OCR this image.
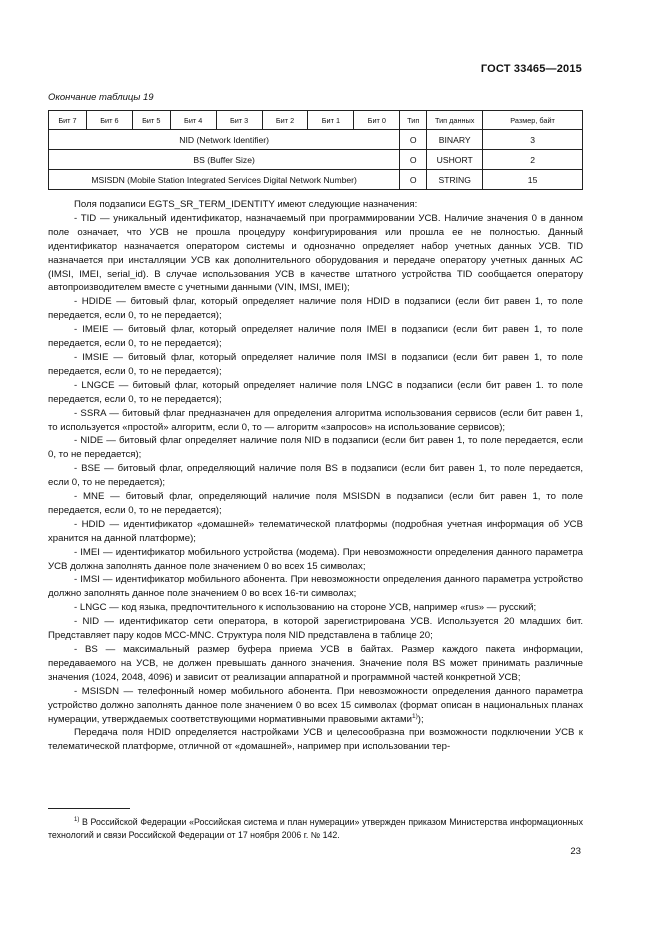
ГОСТ 33465—2015
Окончание таблицы 19
Бит 7	Бит 6	Бит 5	Бит 4	Бит 3	Бит 2	Бит 1	Бит 0	Тип	Тип данных	Размер, байт
NID (Network Identifier)								O	BINARY	3
BS (Buffer Size)								O	USHORT	2
MSISDN (Mobile Station Integrated Services Digital Network Number)								O	STRING	15

Поля подзаписи EGTS_SR_TERM_IDENTITY имеют следующие назначения:

- TID — уникальный идентификатор, назначаемый при программировании УСВ. Наличие значения 0 в данном поле означает, что УСВ не прошла процедуру конфигурирования или прошла ее не полностью. Данный идентификатор назначается оператором системы и однозначно определяет набор учетных данных УСВ. TID назначается при инсталляции УСВ как дополнительного оборудования и передаче оператору учетных данных АС (IMSI, IMEI, serial_id). В случае использования УСВ в качестве штатного устройства TID сообщается оператору автопроизводителем вместе с учетными данными (VIN, IMSI, IMEI);

- HDIDE — битовый флаг, который определяет наличие поля HDID в подзаписи (если бит равен 1, то поле передается, если 0, то не передается);

- IMEIE — битовый флаг, который определяет наличие поля IMEI в подзаписи (если бит равен 1, то поле передается, если 0, то не передается);

- IMSIE — битовый флаг, который определяет наличие поля IMSI в подзаписи (если бит равен 1, то поле передается, если 0, то не передается);

- LNGCE — битовый флаг, который определяет наличие поля LNGC в подзаписи (если бит равен 1. то поле передается, если 0, то не передается);

- SSRA — битовый флаг предназначен для определения алгоритма использования сервисов (если бит равен 1, то используется «простой» алгоритм, если 0, то — алгоритм «запросов» на использование сервисов);

- NIDE — битовый флаг определяет наличие поля NID в подзаписи (если бит равен 1, то поле передается, если 0, то не передается);

- BSE — битовый флаг, определяющий наличие поля BS в подзаписи (если бит равен 1, то поле передается, если 0, то не передается);

- MNE — битовый флаг, определяющий наличие поля MSISDN в подзаписи (если бит равен 1, то поле передается, если 0, то не передается);

- HDID — идентификатор «домашней» телематической платформы (подробная учетная информация об УСВ хранится на данной платформе);

- IMEI — идентификатор мобильного устройства (модема). При невозможности определения данного параметра УСВ должна заполнять данное поле значением 0 во всех 15 символах;

- IMSI — идентификатор мобильного абонента. При невозможности определения данного параметра устройство должно заполнять данное поле значением 0 во всех 16-ти символах;

- LNGC — код языка, предпочтительного к использованию на стороне УСВ, например «rus» — русский;

- NID — идентификатор сети оператора, в которой зарегистрирована УСВ. Используется 20 младших бит. Представляет пару кодов MCC-MNC. Структура поля NID представлена в таблице 20;

- BS — максимальный размер буфера приема УСВ в байтах. Размер каждого пакета информации, передаваемого на УСВ, не должен превышать данного значения. Значение поля BS может принимать различные значения (1024, 2048, 4096) и зависит от реализации аппаратной и программной частей конкретной УСВ;

- MSISDN — телефонный номер мобильного абонента. При невозможности определения данного параметра устройство должно заполнять данное поле значением 0 во всех 15 символах (формат описан в национальных планах нумерации, утверждаемых соответствующими нормативными правовыми актами$^{1)}$);

Передача поля HDID определяется настройками УСВ и целесообразна при возможности подключении УСВ к телематической платформе, отличной от «домашней», например при использовании тер-

$^{1)}$ В Российской Федерации «Российская система и план нумерации» утвержден приказом Министерства информационных технологий и связи Российской Федерации от 17 ноября 2006 г. № 142.

23
